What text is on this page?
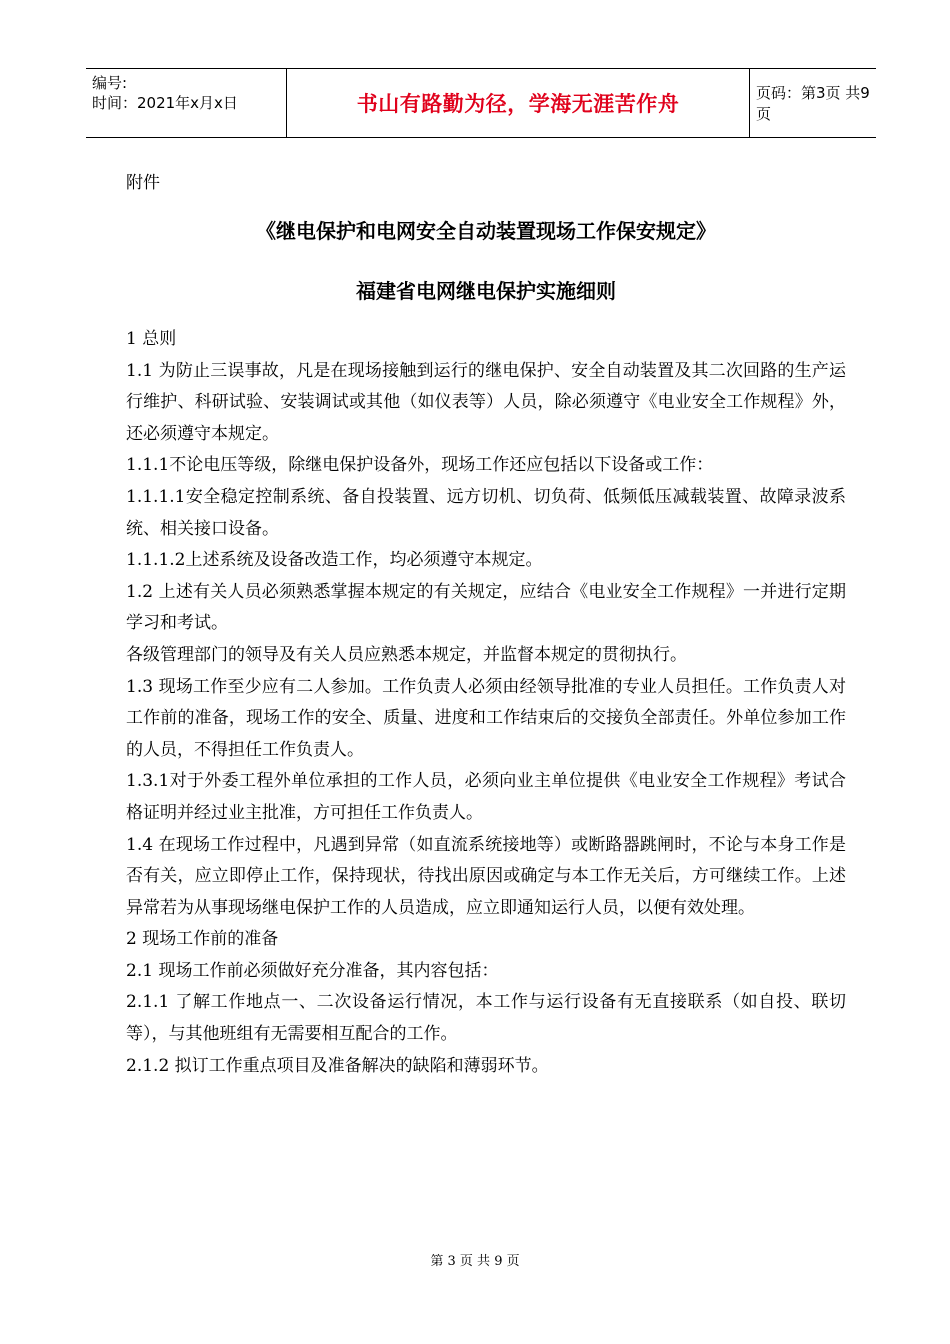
编号:
时间：2021年x月x日	书山有路勤为径，学海无涯苦作舟	页码：第3页 共9页

附件

《继电保护和电网安全自动装置现场工作保安规定》
福建省电网继电保护实施细则

1 总则

1.1 为防止三误事故，凡是在现场接触到运行的继电保护、安全自动装置及其二次回路的生产运行维护、科研试验、安装调试或其他（如仪表等）人员，除必须遵守《电业安全工作规程》外，还必须遵守本规定。

1.1.1不论电压等级，除继电保护设备外，现场工作还应包括以下设备或工作：

1.1.1.1安全稳定控制系统、备自投装置、远方切机、切负荷、低频低压减载装置、故障录波系统、相关接口设备。

1.1.1.2上述系统及设备改造工作，均必须遵守本规定。

1.2 上述有关人员必须熟悉掌握本规定的有关规定，应结合《电业安全工作规程》一并进行定期学习和考试。

各级管理部门的领导及有关人员应熟悉本规定，并监督本规定的贯彻执行。

1.3 现场工作至少应有二人参加。工作负责人必须由经领导批准的专业人员担任。工作负责人对工作前的准备，现场工作的安全、质量、进度和工作结束后的交接负全部责任。外单位参加工作的人员，不得担任工作负责人。

1.3.1对于外委工程外单位承担的工作人员，必须向业主单位提供《电业安全工作规程》考试合格证明并经过业主批准，方可担任工作负责人。

1.4 在现场工作过程中，凡遇到异常（如直流系统接地等）或断路器跳闸时，不论与本身工作是否有关，应立即停止工作，保持现状，待找出原因或确定与本工作无关后，方可继续工作。上述异常若为从事现场继电保护工作的人员造成，应立即通知运行人员，以便有效处理。

2 现场工作前的准备

2.1 现场工作前必须做好充分准备，其内容包括：

2.1.1 了解工作地点一、二次设备运行情况，本工作与运行设备有无直接联系（如自投、联切等），与其他班组有无需要相互配合的工作。

2.1.2 拟订工作重点项目及准备解决的缺陷和薄弱环节。

第 3 页 共 9 页
